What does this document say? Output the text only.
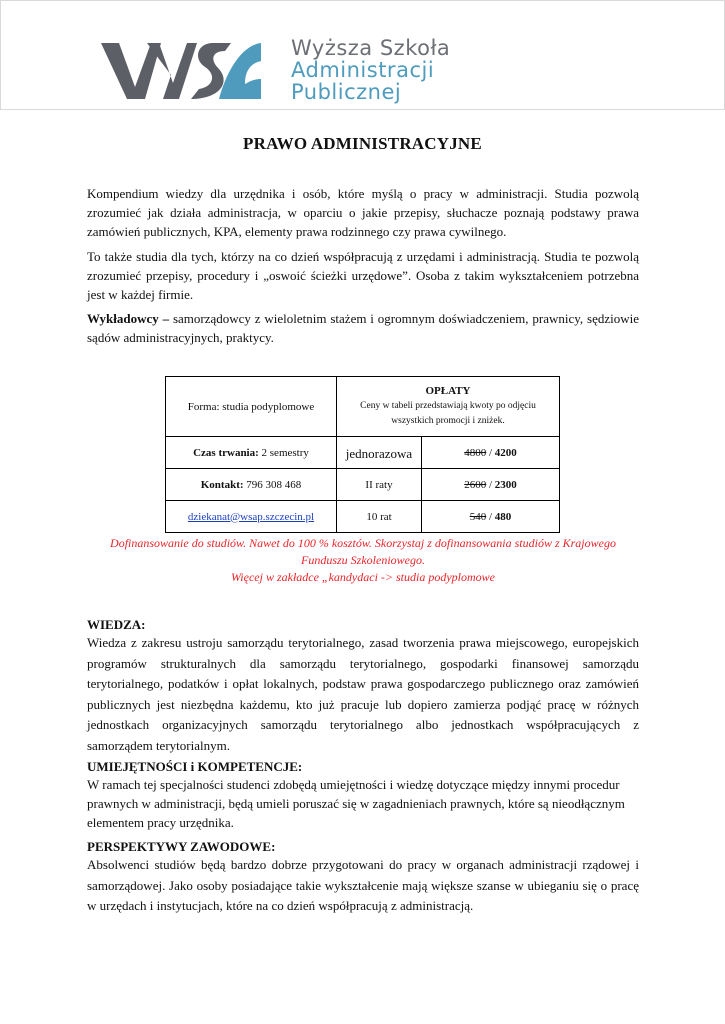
Wyższa Szkoła
Administracji
Publicznej
PRAWO ADMINISTRACYJNE

Kompendium wiedzy dla urzędnika i osób, które myślą o pracy w administracji. Studia pozwolą zrozumieć jak działa administracja, w oparciu o jakie przepisy, słuchacze poznają podstawy prawa zamówień publicznych, KPA, elementy prawa rodzinnego czy prawa cywilnego.

To także studia dla tych, którzy na co dzień współpracują z urzędami i administracją. Studia te pozwolą zrozumieć przepisy, procedury i „oswoić ścieżki urzędowe”. Osoba z takim wykształceniem potrzebna jest w każdej firmie.

Wykładowcy – samorządowcy z wieloletnim stażem i ogromnym doświadczeniem, prawnicy, sędziowie sądów administracyjnych, praktycy.

Forma: studia podyplomowe	OPŁATY
Ceny w tabeli przedstawiają kwoty po odjęciu wszystkich promocji i zniżek.	

Czas trwania: 2 semestry	jednorazowa	4800 / 4200
Kontakt: 796 308 468	II raty	2600 / 2300
dziekanat@wsap.szczecin.pl	10 rat	540 / 480
Dofinansowanie do studiów. Nawet do 100 % kosztów. Skorzystaj z dofinansowania studiów z Krajowego Funduszu Szkoleniowego.
Więcej w zakładce „kandydaci -> studia podyplomowe
WIEDZA:

Wiedza z zakresu ustroju samorządu terytorialnego, zasad tworzenia prawa miejscowego, europejskich programów strukturalnych dla samorządu terytorialnego, gospodarki finansowej samorządu terytorialnego, podatków i opłat lokalnych, podstaw prawa gospodarczego publicznego oraz zamówień publicznych jest niezbędna każdemu, kto już pracuje lub dopiero zamierza podjąć pracę w różnych jednostkach organizacyjnych samorządu terytorialnego albo jednostkach współpracujących z samorządem terytorialnym.

UMIEJĘTNOŚCI i KOMPETENCJE:

W ramach tej specjalności studenci zdobędą umiejętności i wiedzę dotyczące między innymi procedur prawnych w administracji, będą umieli poruszać się w zagadnieniach prawnych, które są nieodłącznym elementem pracy urzędnika.

PERSPEKTYWY ZAWODOWE:

Absolwenci studiów będą bardzo dobrze przygotowani do pracy w organach administracji rządowej i samorządowej. Jako osoby posiadające takie wykształcenie mają większe szanse w ubieganiu się o pracę w urzędach i instytucjach, które na co dzień współpracują z administracją.
